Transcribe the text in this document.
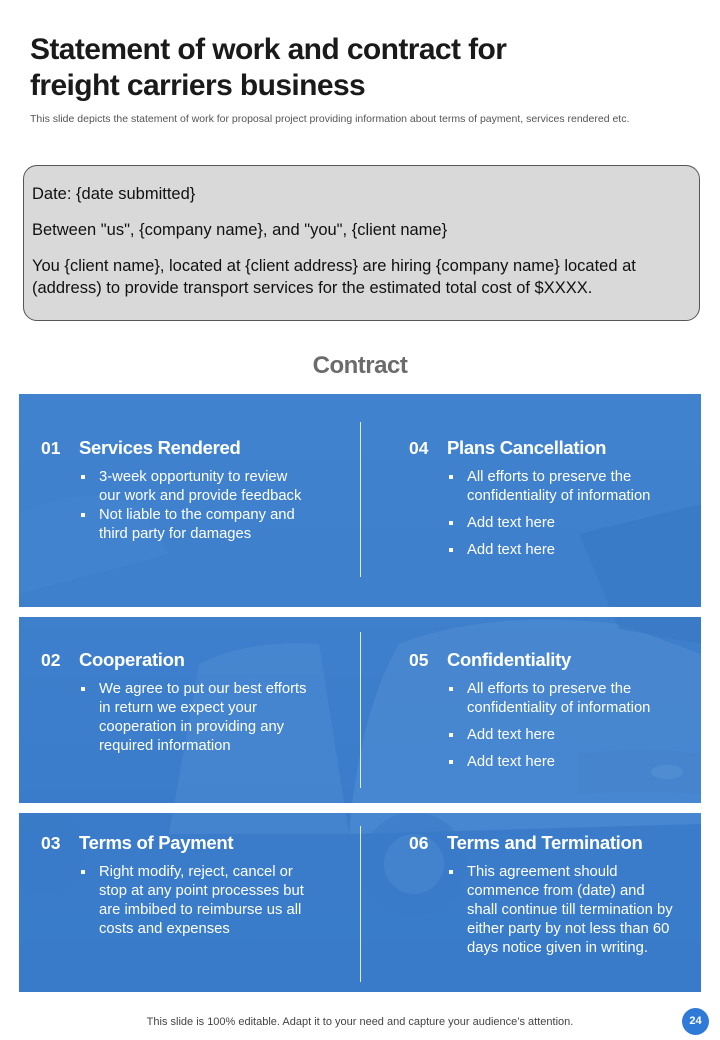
Statement of work and contract for freight carriers business
This slide depicts the statement of work for proposal project providing information about terms of payment, services rendered etc.

Date: {date submitted}

Between "us", {company name}, and "you", {client name}

You {client name}, located at {client address} are hiring {company name} located at (address) to provide transport services for the estimated total cost of $XXXX.

Contract
01	Services Rendered
3-week opportunity to review our work and provide feedback
Not liable to the company and third party for damages
04	Plans Cancellation
All efforts to preserve the confidentiality of information
Add text here
Add text here
02	Cooperation
We agree to put our best efforts in return we expect your cooperation in providing any required information
05	Confidentiality
All efforts to preserve the confidentiality of information
Add text here
Add text here
03	Terms of Payment
Right modify, reject, cancel or stop at any point processes but are imbibed to reimburse us all costs and expenses
06	Terms and Termination
This agreement should commence from (date) and shall continue till termination by either party by not less than 60 days notice given in writing.
This slide is 100% editable. Adapt it to your need and capture your audience’s attention.	24
